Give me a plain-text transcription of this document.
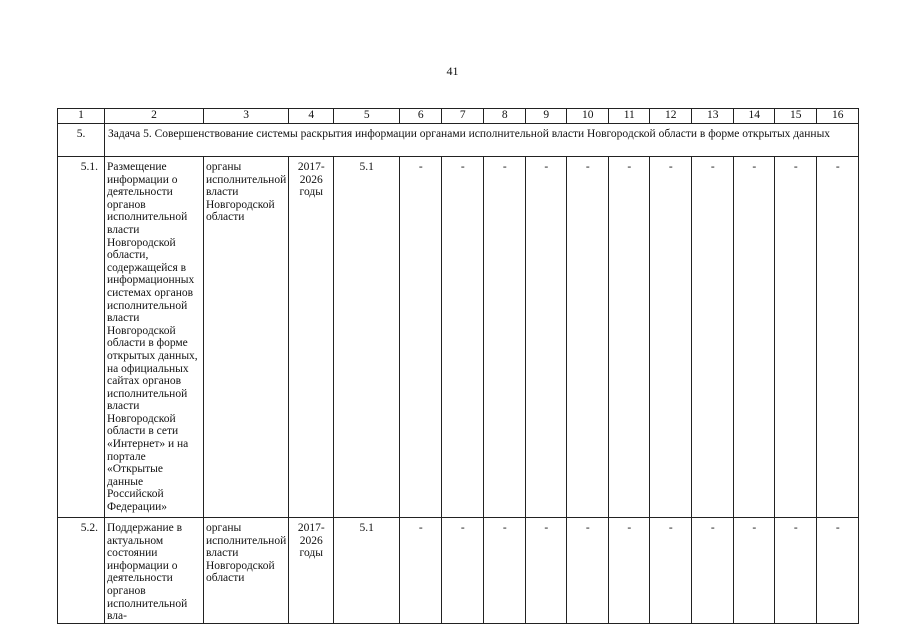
41
1	2	3	4	5	6	7	8	9	10	11	12	13	14	15	16
5.	Задача 5. Совершенствование системы раскрытия информации органами исполнительной власти Новгородской области в форме открытых данных														
5.1.	Размещение информации о деятельности органов исполнительной власти Новгородской области, содержащейся в информационных системах органов исполнительной власти Новгородской области в форме открытых данных, на официальных сайтах органов исполнительной власти Новгородской области в сети «Интернет» и на портале «Открытые данные Российской Федерации»	органы исполнительной власти Новгородской области	2017-2026 годы	5.1	-	-	-	-	-	-	-	-	-	-	-
5.2.	Поддержание в актуальном состоянии информации о деятельности органов исполнительной вла-	органы исполнительной власти Новгородской области	2017-2026 годы	5.1	-	-	-	-	-	-	-	-	-	-	-
